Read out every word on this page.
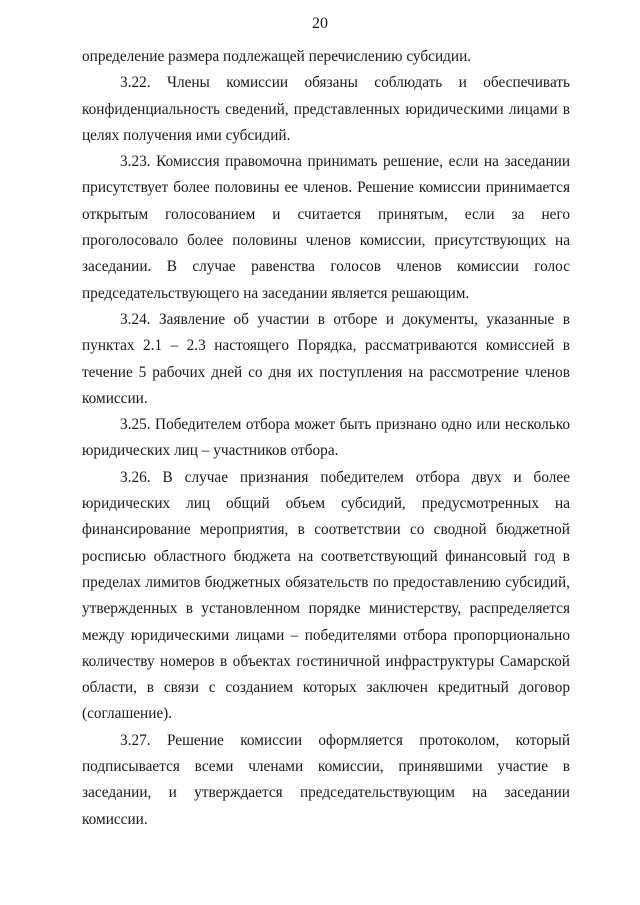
20

определение размера подлежащей перечислению субсидии.

3.22. Члены комиссии обязаны соблюдать и обеспечивать конфиденциальность сведений, представленных юридическими лицами в целях получения ими субсидий.

3.23. Комиссия правомочна принимать решение, если на заседании присутствует более половины ее членов. Решение комиссии принимается открытым голосованием и считается принятым, если за него проголосовало более половины членов комиссии, присутствующих на заседании. В случае равенства голосов членов комиссии голос председательствующего на заседании является решающим.

3.24. Заявление об участии в отборе и документы, указанные в пунктах 2.1 – 2.3 настоящего Порядка, рассматриваются комиссией в течение 5 рабочих дней со дня их поступления на рассмотрение членов комиссии.

3.25. Победителем отбора может быть признано одно или несколько юридических лиц – участников отбора.

3.26. В случае признания победителем отбора двух и более юридических лиц общий объем субсидий, предусмотренных на финансирование мероприятия, в соответствии со сводной бюджетной росписью областного бюджета на соответствующий финансовый год в пределах лимитов бюджетных обязательств по предоставлению субсидий, утвержденных в установленном порядке министерству, распределяется между юридическими лицами – победителями отбора пропорционально количеству номеров в объектах гостиничной инфраструктуры Самарской области, в связи с созданием которых заключен кредитный договор (соглашение).

3.27. Решение комиссии оформляется протоколом, который подписывается всеми членами комиссии, принявшими участие в заседании, и утверждается председательствующим на заседании комиссии.
